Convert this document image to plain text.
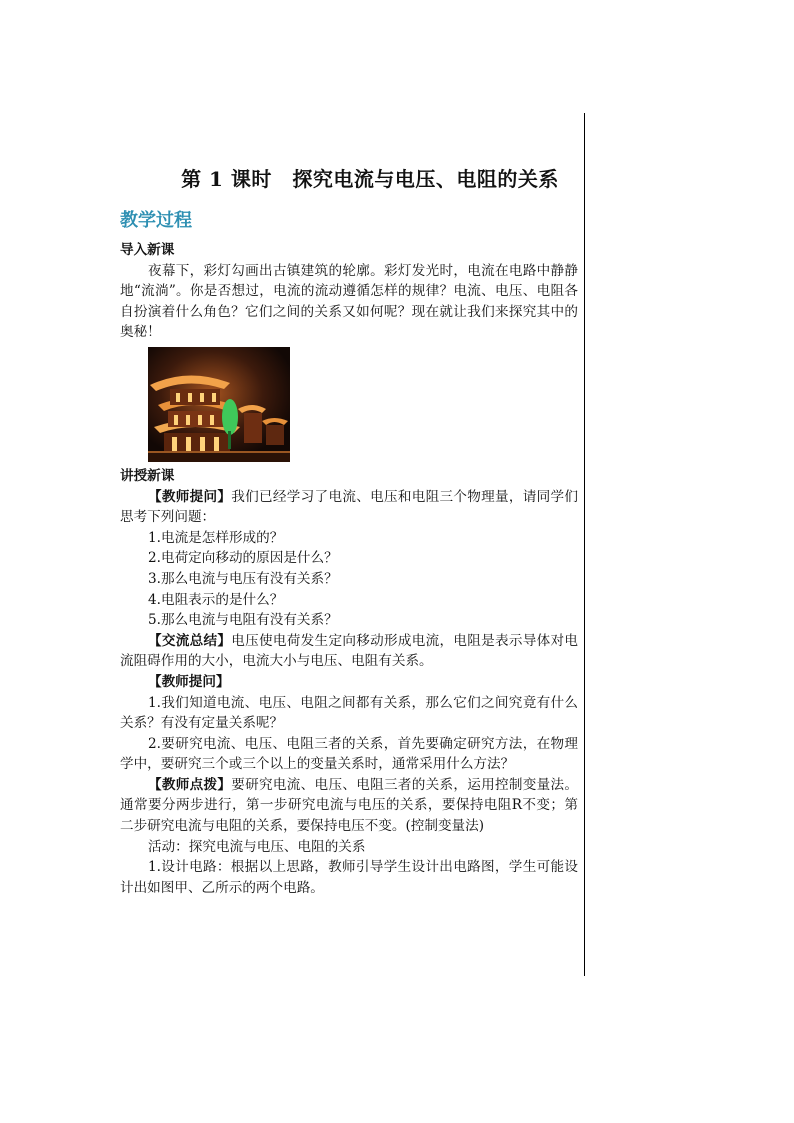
第 1 课时　探究电流与电压、电阻的关系
教学过程

导入新课

夜幕下，彩灯勾画出古镇建筑的轮廓。彩灯发光时，电流在电路中静静地“流淌”。你是否想过，电流的流动遵循怎样的规律？电流、电压、电阻各自扮演着什么角色？它们之间的关系又如何呢？现在就让我们来探究其中的奥秘！

讲授新课

【教师提问】我们已经学习了电流、电压和电阻三个物理量，请同学们思考下列问题：

1.电流是怎样形成的？

2.电荷定向移动的原因是什么？

3.那么电流与电压有没有关系？

4.电阻表示的是什么？

5.那么电流与电阻有没有关系？

【交流总结】电压使电荷发生定向移动形成电流，电阻是表示导体对电流阻碍作用的大小，电流大小与电压、电阻有关系。

【教师提问】

1.我们知道电流、电压、电阻之间都有关系，那么它们之间究竟有什么关系？有没有定量关系呢？

2.要研究电流、电压、电阻三者的关系，首先要确定研究方法，在物理学中，要研究三个或三个以上的变量关系时，通常采用什么方法？

【教师点拨】要研究电流、电压、电阻三者的关系，运用控制变量法。通常要分两步进行，第一步研究电流与电压的关系，要保持电阻R不变；第二步研究电流与电阻的关系，要保持电压不变。(控制变量法)

活动：探究电流与电压、电阻的关系

1.设计电路：根据以上思路，教师引导学生设计出电路图，学生可能设计出如图甲、乙所示的两个电路。
